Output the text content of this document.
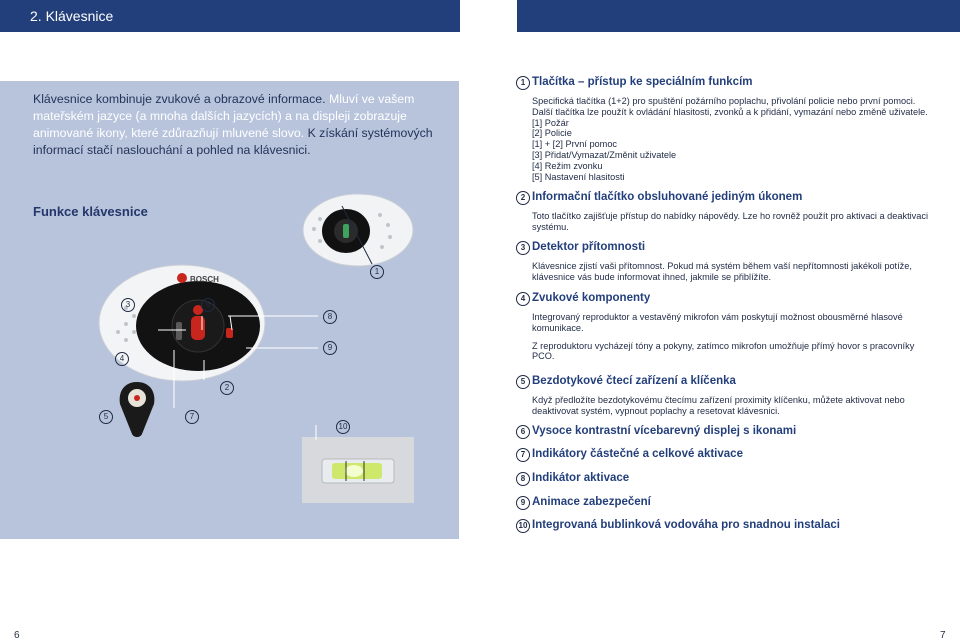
2. Klávesnice
Klávesnice kombinuje zvukové a obrazové informace. Mluví ve vašem mateřském jazyce (a mnoha dalších jazycích) a na displeji zobrazuje animované ikony, které zdůrazňují mluvené slovo. K získání systémových informací stačí naslouchání a pohled na klávesnici.
Funkce klávesnice
BOSCH
1
3	6
8
9
4
2
5	7
10
1 Tlačítka – přístup ke speciálním funkcím
Specifická tlačítka (1+2) pro spuštění požárního poplachu, přivolání policie nebo první pomoci.
Další tlačítka lze použít k ovládání hlasitosti, zvonků a k přidání, vymazání nebo změně uživatele.
[1] Požár
[2] Policie
[1] + [2] První pomoc
[3] Přidat/Vymazat/Změnit uživatele
[4] Režim zvonku
[5] Nastavení hlasitosti
2 Informační tlačítko obsluhované jediným úkonem
Toto tlačítko zajišťuje přístup do nabídky nápovědy. Lze ho rovněž použít pro aktivaci a deaktivaci systému.
3 Detektor přítomnosti
Klávesnice zjistí vaši přítomnost. Pokud má systém během vaší nepřítomnosti jakékoli potíže, klávesnice vás bude informovat ihned, jakmile se přiblížíte.
4 Zvukové komponenty
Integrovaný reproduktor a vestavěný mikrofon vám poskytují možnost obousměrné hlasové komunikace.
Z reproduktoru vycházejí tóny a pokyny, zatímco mikrofon umožňuje přímý hovor s pracovníky PCO.
5 Bezdotykové čtecí zařízení a klíčenka
Když předložíte bezdotykovému čtecímu zařízení proximity klíčenku, můžete aktivovat nebo deaktivovat systém, vypnout poplachy a resetovat klávesnici.
6 Vysoce kontrastní vícebarevný displej s ikonami
7 Indikátory částečné a celkové aktivace
8 Indikátor aktivace
9 Animace zabezpečení
10 Integrovaná bublinková vodováha pro snadnou instalaci
6	7
